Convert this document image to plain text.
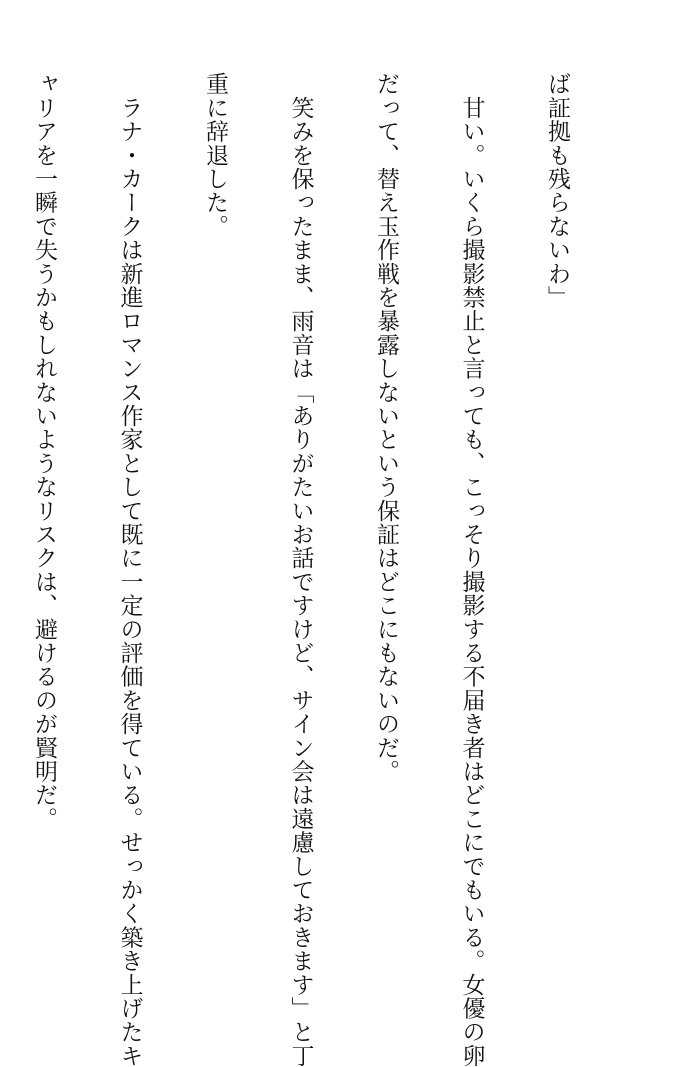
ば証拠も残らないわ」

　甘い。いくら撮影禁止と言っても、こっそり撮影する不届き者はどこにでもいる。女優の卵

だって、替え玉作戦を暴露しないという保証はどこにもないのだ。

　笑みを保ったまま、雨音は「ありがたいお話ですけど、サイン会は遠慮しておきます」と丁

重に辞退した。

　ラナ・カークは新進ロマンス作家として既に一定の評価を得ている。せっかく築き上げたキ

ャリアを一瞬で失うかもしれないようなリスクは、避けるのが賢明だ。
